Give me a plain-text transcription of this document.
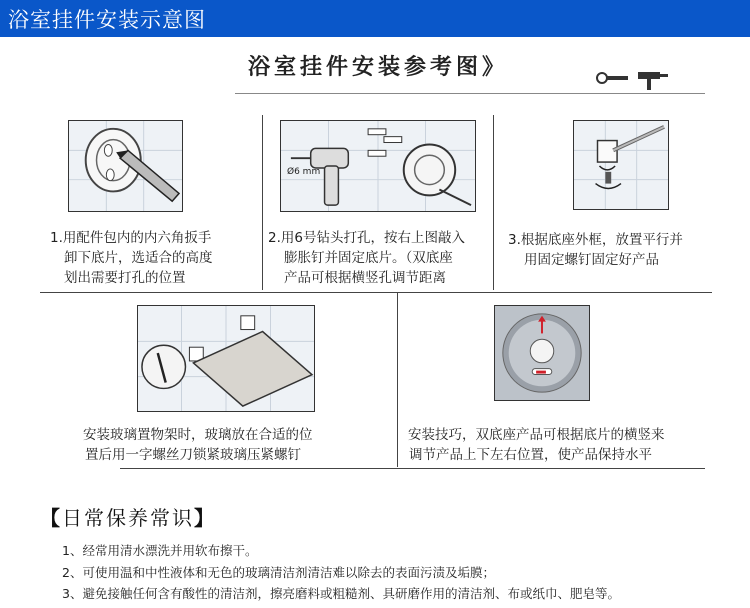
浴室挂件安装示意图
浴室挂件安装参考图》
1.用配件包内的内六角扳手
卸下底片，选适合的高度
划出需要打孔的位置
Ø6 mm
2.用6号钻头打孔，按右上图敲入
膨胀钉并固定底片。（双底座
产品可根据横竖孔调节距离
3.根据底座外框，放置平行并
用固定螺钉固定好产品
安装玻璃置物架时，玻璃放在合适的位
置后用一字螺丝刀锁紧玻璃压紧螺钉
安装技巧，双底座产品可根据底片的横竖来
调节产品上下左右位置，使产品保持水平
【日常保养常识】
1、经常用清水漂洗并用软布擦干。
2、可使用温和中性液体和无色的玻璃清洁剂清洁难以除去的表面污渍及垢膜；
3、避免接触任何含有酸性的清洁剂，擦亮磨料或粗糙剂、具研磨作用的清洁剂、布或纸巾、肥皂等。
